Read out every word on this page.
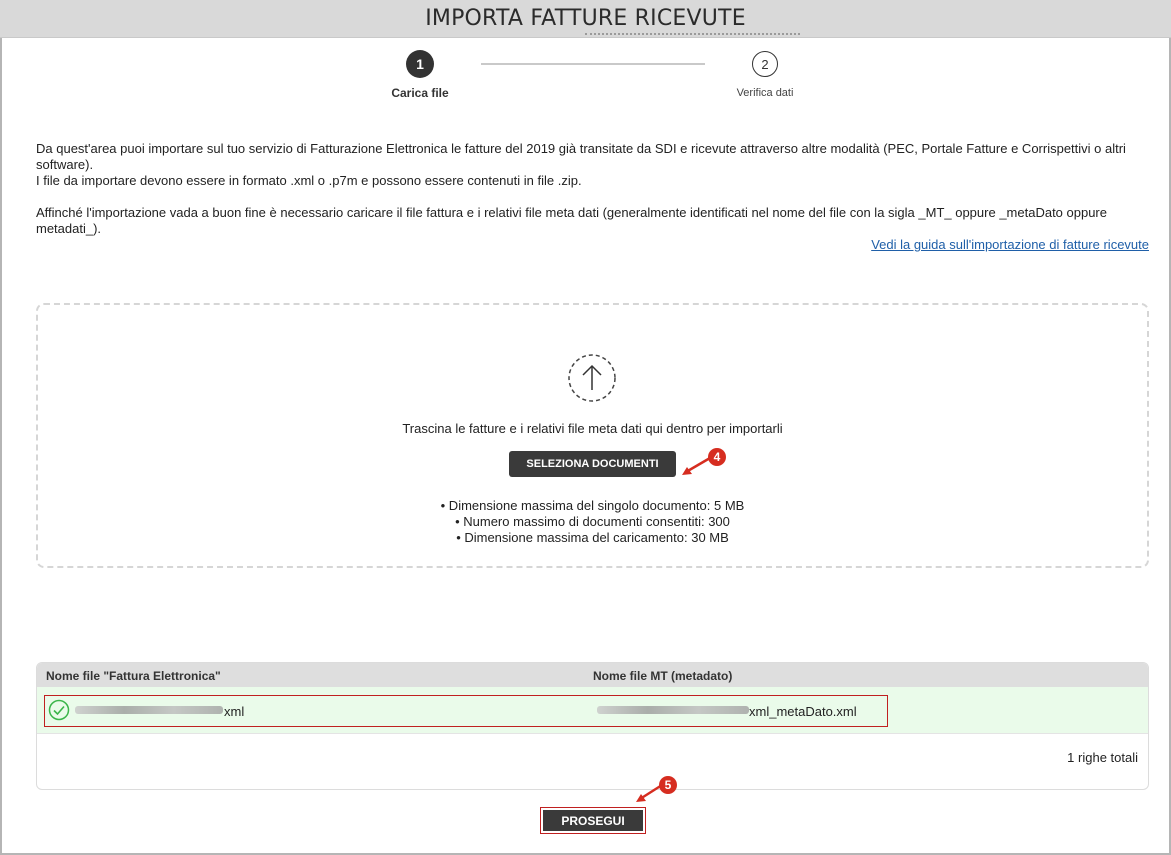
IMPORTA FATTURE RICEVUTE
1
Carica file
2
Verifica dati

Da quest'area puoi importare sul tuo servizio di Fatturazione Elettronica le fatture del 2019 già transitate da SDI e ricevute attraverso altre modalità (PEC, Portale Fatture e Corrispettivi o altri software).

I file da importare devono essere in formato .xml o .p7m e possono essere contenuti in file .zip.

Affinché l'importazione vada a buon fine è necessario caricare il file fattura e i relativi file meta dati (generalmente identificati nel nome del file con la sigla _MT_ oppure _metaDato oppure metadati_).

Vedi la guida sull'importazione di fatture ricevute
Trascina le fatture e i relativi file meta dati qui dentro per importarli
SELEZIONA DOCUMENTI
• Dimensione massima del singolo documento: 5 MB
• Numero massimo di documenti consentiti: 300
• Dimensione massima del caricamento: 30 MB
Nome file "Fattura Elettronica"	Nome file MT (metadato)
xml	xml_metaDato.xml
1 righe totali
PROSEGUI
4
5
